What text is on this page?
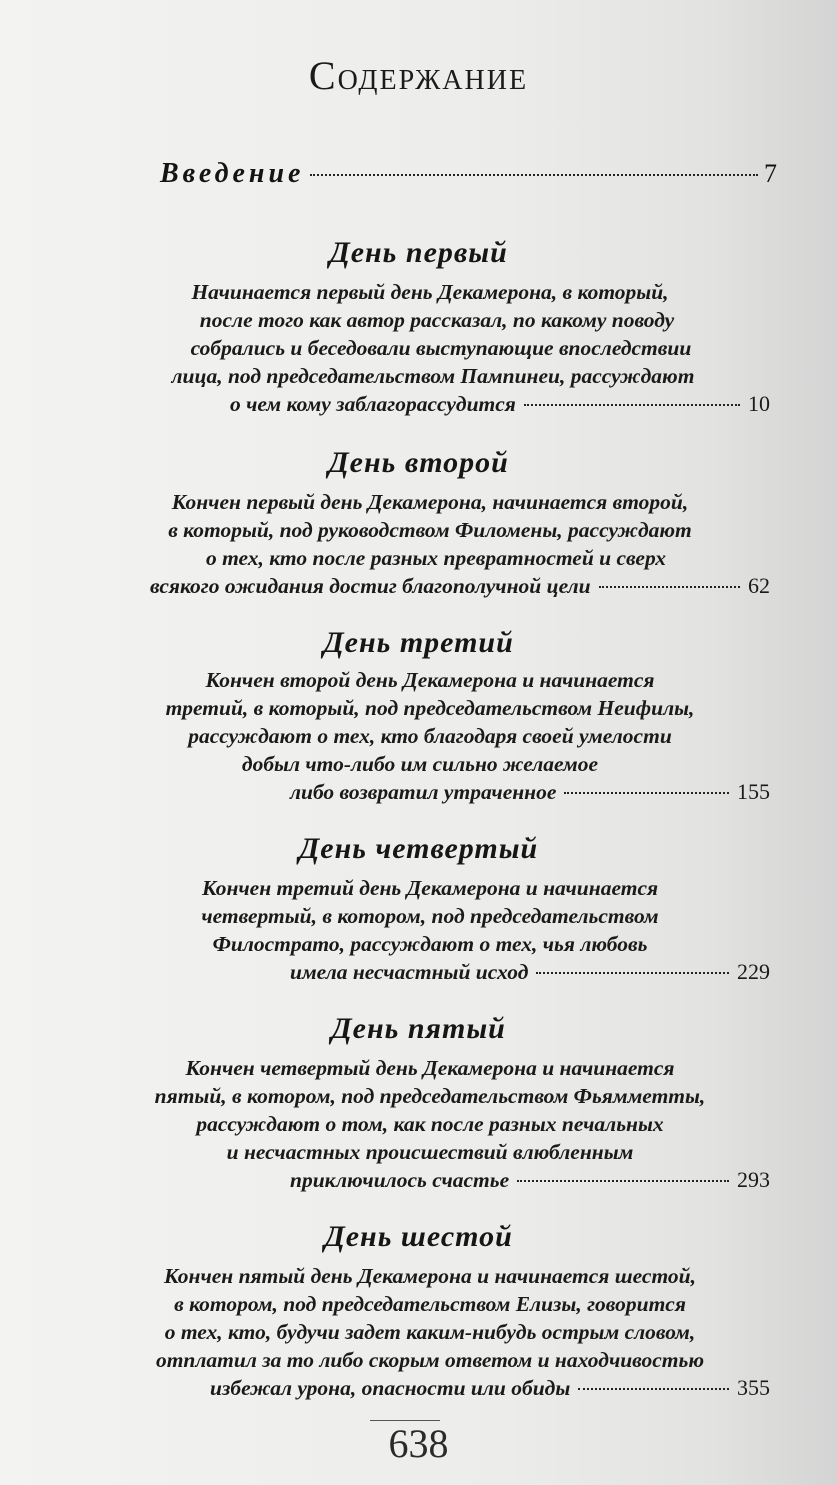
Содержание
Введение	7
День первый
Начинается первый день Декамерона, в который,
после того как автор рассказал, по какому поводу
собрались и беседовали выступающие впоследствии
лица, под председательством Пампинеи, рассуждают
о чем кому заблагорассудится	10
День второй
Кончен первый день Декамерона, начинается второй,
в который, под руководством Филомены, рассуждают
о тех, кто после разных превратностей и сверх
всякого ожидания достиг благополучной цели	62
День третий
Кончен второй день Декамерона и начинается
третий, в который, под председательством Неифилы,
рассуждают о тех, кто благодаря своей умелости
добыл что-либо им сильно желаемое
либо возвратил утраченное	155
День четвертый
Кончен третий день Декамерона и начинается
четвертый, в котором, под председательством
Филострато, рассуждают о тех, чья любовь
имела несчастный исход	229
День пятый
Кончен четвертый день Декамерона и начинается
пятый, в котором, под председательством Фьямметты,
рассуждают о том, как после разных печальных
и несчастных происшествий влюбленным
приключилось счастье	293
День шестой
Кончен пятый день Декамерона и начинается шестой,
в котором, под председательством Елизы, говорится
о тех, кто, будучи задет каким-нибудь острым словом,
отплатил за то либо скорым ответом и находчивостью
избежал урона, опасности или обиды	355
638
